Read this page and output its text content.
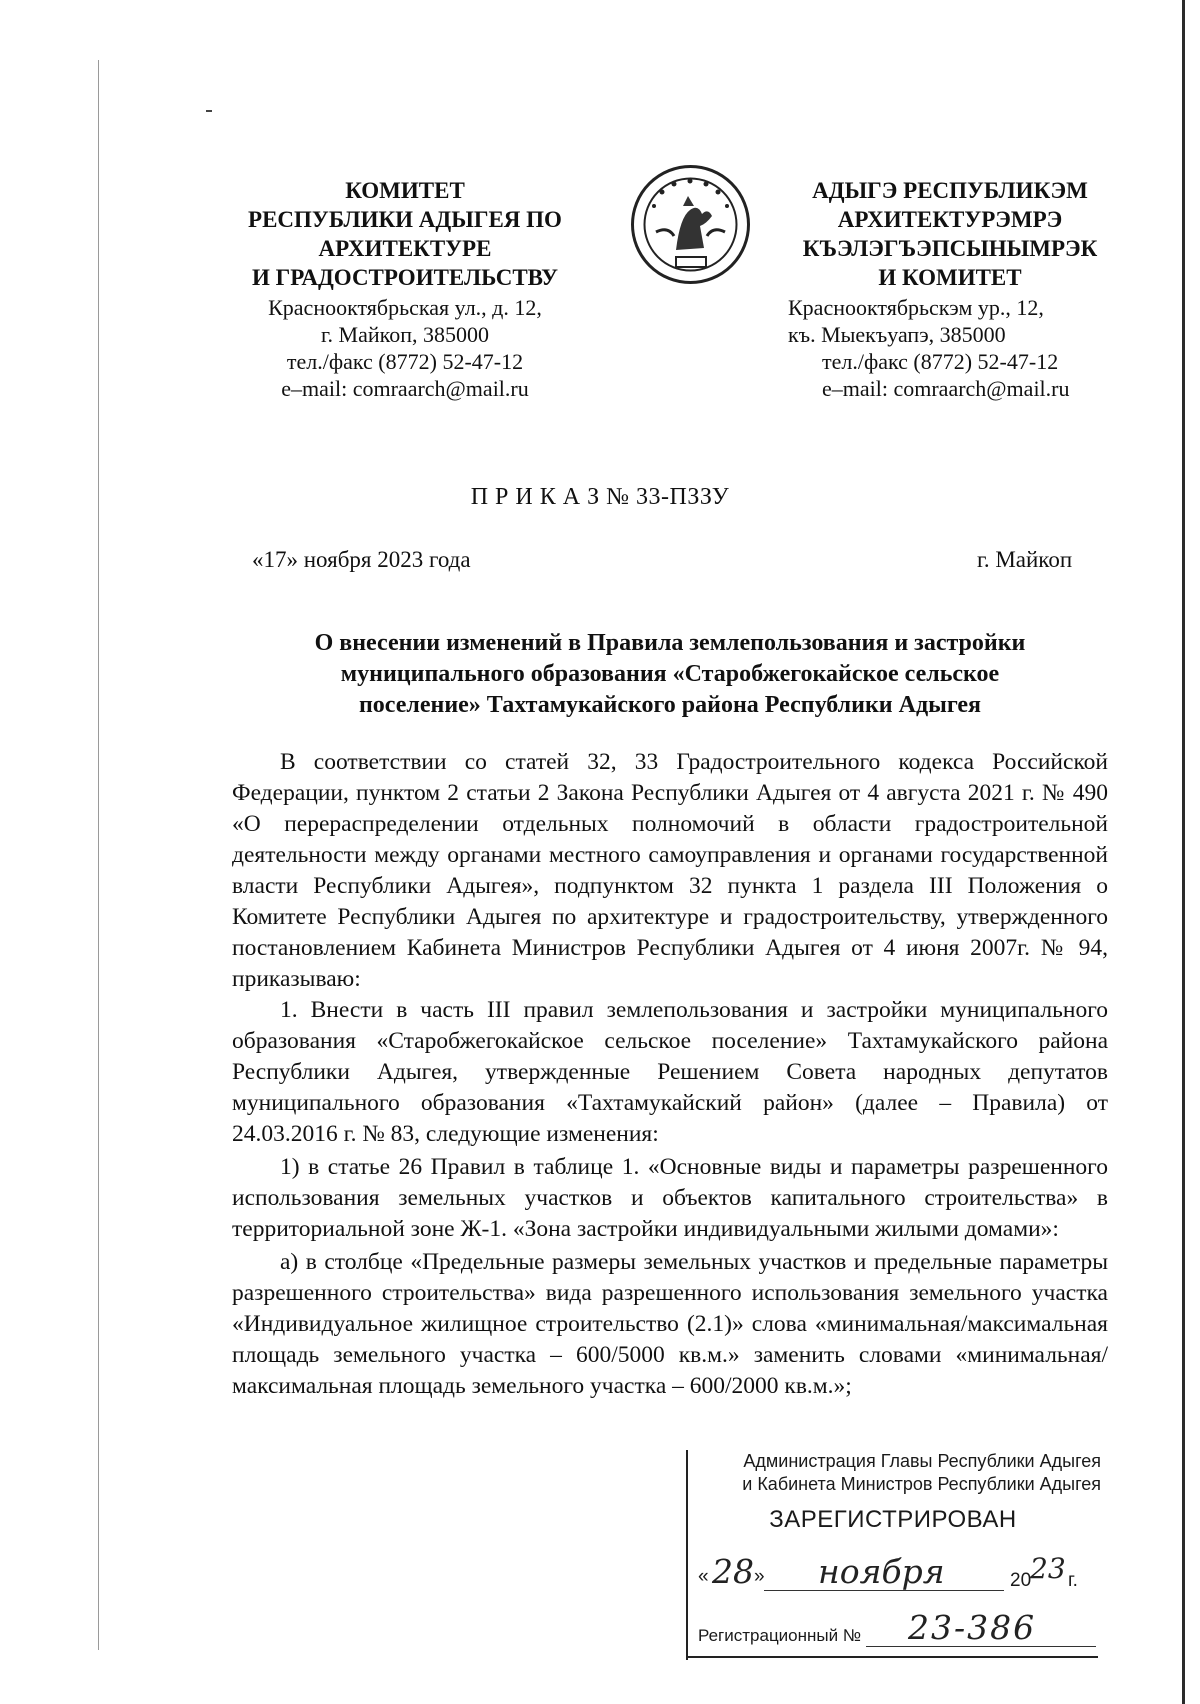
КОМИТЕТ
РЕСПУБЛИКИ АДЫГЕЯ ПО
АРХИТЕКТУРЕ
И ГРАДОСТРОИТЕЛЬСТВУ
Краснооктябрьская ул., д. 12,
г. Майкоп, 385000
тел./факс (8772) 52-47-12
e–mail: comraarch@mail.ru
АДЫГЭ РЕСПУБЛИКЭМ
АРХИТЕКТУРЭМРЭ
КЪЭЛЭГЪЭПСЫНЫМРЭК
И КОМИТЕТ
Краснооктябрьскэм ур., 12,
къ. Мыекъуапэ, 385000
тел./факс (8772) 52-47-12
e–mail: comraarch@mail.ru
П Р И К А З № 33-ПЗЗУ
«17» ноября 2023 года	г. Майкоп
О внесении изменений в Правила землепользования и застройки
муниципального образования «Старобжегокайское сельское
поселение» Тахтамукайского района Республики Адыгея

В соответствии со статей 32, 33 Градостроительного кодекса Российской Федерации, пунктом 2 статьи 2 Закона Республики Адыгея от 4 августа 2021 г. № 490 «О перераспределении отдельных полномочий в области градостроительной деятельности между органами местного самоуправления и органами государственной власти Республики Адыгея», подпунктом 32 пункта 1 раздела III Положения о Комитете Республики Адыгея по архитектуре и градостроительству, утвержденного постановлением Кабинета Министров Республики Адыгея от 4 июня 2007г. № 94, приказываю:

1. Внести в часть III правил землепользования и застройки муниципального образования «Старобжегокайское сельское поселение» Тахтамукайского района Республики Адыгея, утвержденные Решением Совета народных депутатов муниципального образования «Тахтамукайский район» (далее – Правила) от 24.03.2016 г. № 83, следующие изменения:

1) в статье 26 Правил в таблице 1. «Основные виды и параметры разрешенного использования земельных участков и объектов капитального строительства» в территориальной зоне Ж-1. «Зона застройки индивидуальными жилыми домами»:

а) в столбце «Предельные размеры земельных участков и предельные параметры разрешенного строительства» вида разрешенного использования земельного участка «Индивидуальное жилищное строительство (2.1)» слова «минимальная/максимальная площадь земельного участка – 600/5000 кв.м.» заменить словами «минимальная/максимальная площадь земельного участка – 600/2000 кв.м.»;

Администрация Главы Республики Адыгея
и Кабинета Министров Республики Адыгея
ЗАРЕГИСТРИРОВАН
« 28 » ноября	20
23 г.
Регистрационный № 23-386
